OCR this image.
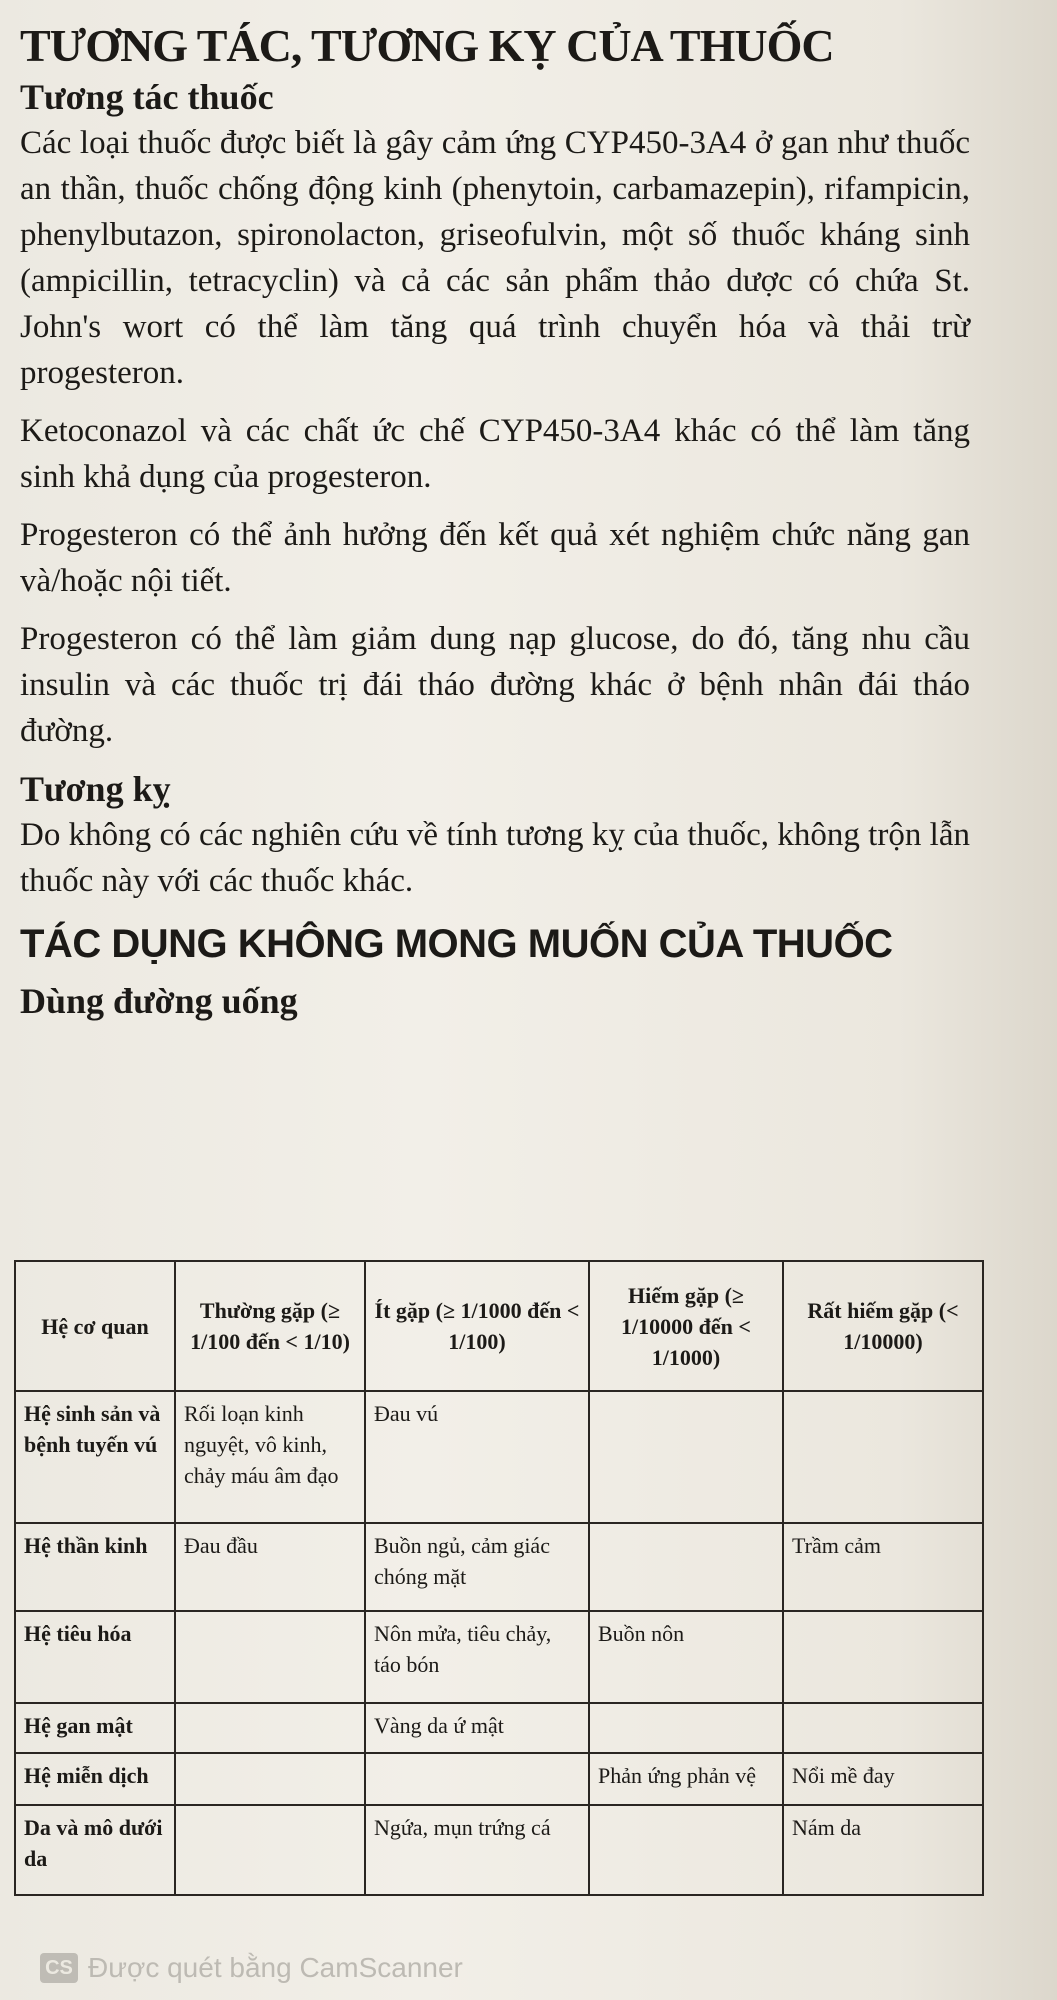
TƯƠNG TÁC, TƯƠNG KỴ CỦA THUỐC
Tương tác thuốc

Các loại thuốc được biết là gây cảm ứng CYP450-3A4 ở gan như thuốc an thần, thuốc chống động kinh (phenytoin, carbamazepin), rifampicin, phenylbutazon, spironolacton, griseofulvin, một số thuốc kháng sinh (ampicillin, tetracyclin) và cả các sản phẩm thảo dược có chứa St. John's wort có thể làm tăng quá trình chuyển hóa và thải trừ progesteron.

Ketoconazol và các chất ức chế CYP450-3A4 khác có thể làm tăng sinh khả dụng của progesteron.

Progesteron có thể ảnh hưởng đến kết quả xét nghiệm chức năng gan và/hoặc nội tiết.

Progesteron có thể làm giảm dung nạp glucose, do đó, tăng nhu cầu insulin và các thuốc trị đái tháo đường khác ở bệnh nhân đái tháo đường.

Tương kỵ

Do không có các nghiên cứu về tính tương kỵ của thuốc, không trộn lẫn thuốc này với các thuốc khác.

TÁC DỤNG KHÔNG MONG MUỐN CỦA THUỐC
Dùng đường uống
Hệ cơ quan	Thường gặp (≥ 1/100 đến < 1/10)	Ít gặp (≥ 1/1000 đến < 1/100)	Hiếm gặp (≥ 1/10000 đến < 1/1000)	Rất hiếm gặp (< 1/10000)
Hệ sinh sản và bệnh tuyến vú	Rối loạn kinh nguyệt, vô kinh, chảy máu âm đạo	Đau vú		
Hệ thần kinh	Đau đầu	Buồn ngủ, cảm giác chóng mặt		Trầm cảm
Hệ tiêu hóa		Nôn mửa, tiêu chảy, táo bón	Buồn nôn	
Hệ gan mật		Vàng da ứ mật		
Hệ miễn dịch			Phản ứng phản vệ	Nổi mề đay
Da và mô dưới da		Ngứa, mụn trứng cá		Nám da
CS Được quét bằng CamScanner
